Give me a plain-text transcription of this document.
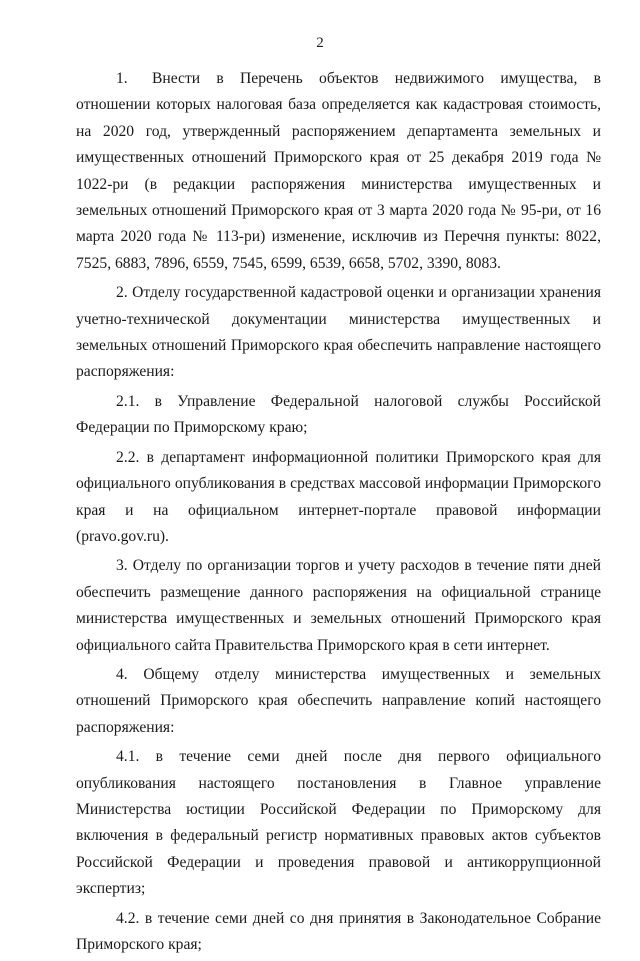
2

1. Внести в Перечень объектов недвижимого имущества, в отношении которых налоговая база определяется как кадастровая стоимость, на 2020 год, утвержденный распоряжением департамента земельных и имущественных отношений Приморского края от 25 декабря 2019 года № 1022-ри (в редакции распоряжения министерства имущественных и земельных отношений Приморского края от 3 марта 2020 года № 95-ри, от 16 марта 2020 года № 113-ри) изменение, исключив из Перечня пункты: 8022, 7525, 6883, 7896, 6559, 7545, 6599, 6539, 6658, 5702, 3390, 8083.

2. Отделу государственной кадастровой оценки и организации хранения учетно-технической документации министерства имущественных и земельных отношений Приморского края обеспечить направление настоящего распоряжения:

2.1. в Управление Федеральной налоговой службы Российской Федерации по Приморскому краю;

2.2. в департамент информационной политики Приморского края для официального опубликования в средствах массовой информации Приморского края и на официальном интернет-портале правовой информации (pravo.gov.ru).

3. Отделу по организации торгов и учету расходов в течение пяти дней обеспечить размещение данного распоряжения на официальной странице министерства имущественных и земельных отношений Приморского края официального сайта Правительства Приморского края в сети интернет.

4. Общему отделу министерства имущественных и земельных отношений Приморского края обеспечить направление копий настоящего распоряжения:

4.1. в течение семи дней после дня первого официального опубликования настоящего постановления в Главное управление Министерства юстиции Российской Федерации по Приморскому для включения в федеральный регистр нормативных правовых актов субъектов Российской Федерации и проведения правовой и антикоррупционной экспертиз;

4.2. в течение семи дней со дня принятия в Законодательное Собрание Приморского края;
